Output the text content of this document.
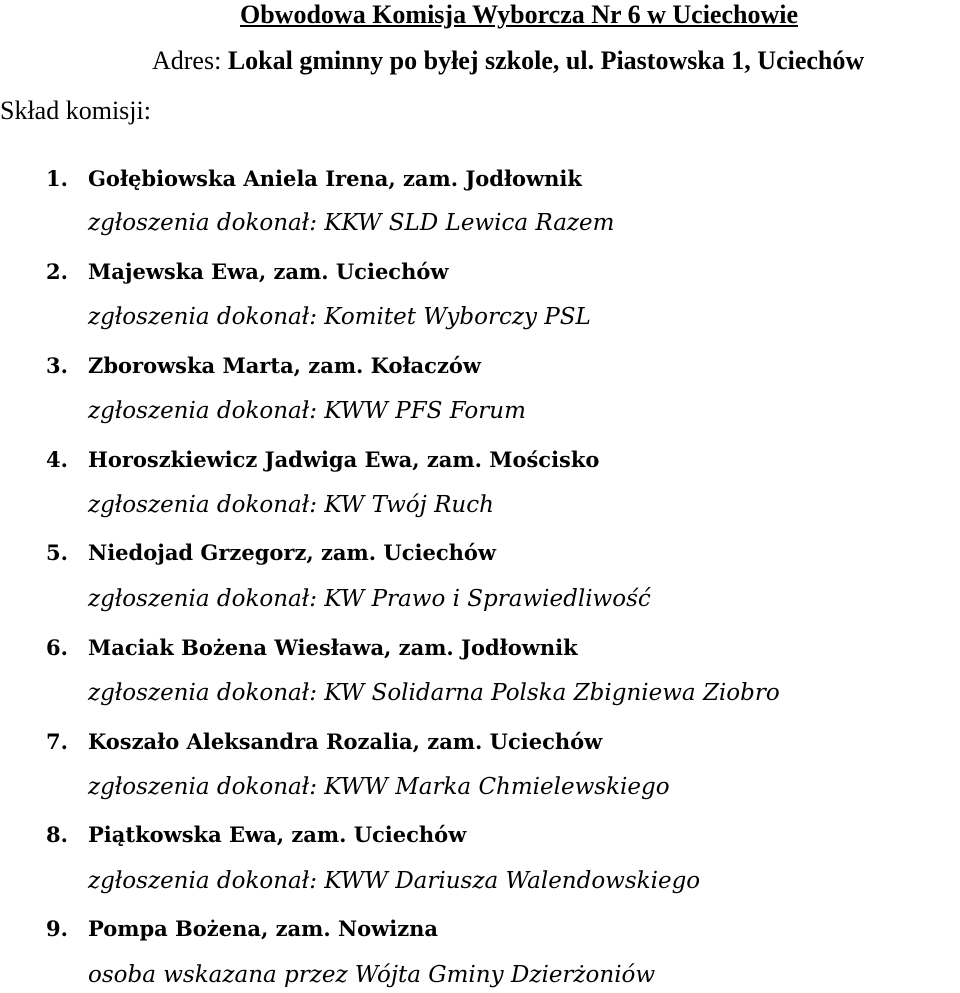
Obwodowa Komisja Wyborcza Nr 6 w Uciechowie
Adres: Lokal gminny po byłej szkole, ul. Piastowska 1, Uciechów
Skład komisji:
1. Gołębiowska Aniela Irena, zam. Jodłownik
zgłoszenia dokonał: KKW SLD Lewica Razem
2. Majewska Ewa, zam. Uciechów
zgłoszenia dokonał: Komitet Wyborczy PSL
3. Zborowska Marta, zam. Kołaczów
zgłoszenia dokonał: KWW PFS Forum
4. Horoszkiewicz Jadwiga Ewa, zam. Mościsko
zgłoszenia dokonał: KW Twój Ruch
5. Niedojad Grzegorz, zam. Uciechów
zgłoszenia dokonał: KW Prawo i Sprawiedliwość
6. Maciak Bożena Wiesława, zam. Jodłownik
zgłoszenia dokonał: KW Solidarna Polska Zbigniewa Ziobro
7. Koszało Aleksandra Rozalia, zam. Uciechów
zgłoszenia dokonał: KWW Marka Chmielewskiego
8. Piątkowska Ewa, zam. Uciechów
zgłoszenia dokonał: KWW Dariusza Walendowskiego
9. Pompa Bożena, zam. Nowizna
osoba wskazana przez Wójta Gminy Dzierżoniów
